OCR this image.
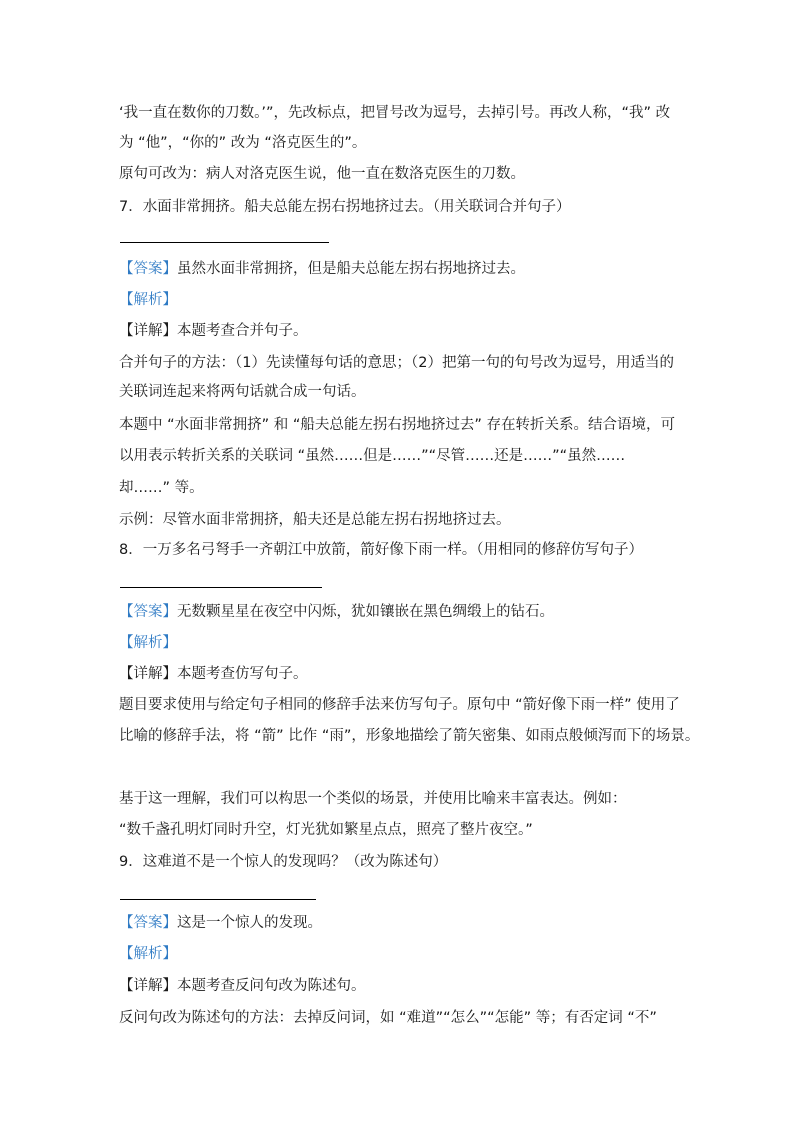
‘我一直在数你的刀数。’”，先改标点，把冒号改为逗号，去掉引号。再改人称，“我” 改
为 “他”，“你的” 改为 “洛克医生的”。
原句可改为：病人对洛克医生说，他一直在数洛克医生的刀数。
7．水面非常拥挤。船夫总能左拐右拐地挤过去。（用关联词合并句子）
【答案】虽然水面非常拥挤，但是船夫总能左拐右拐地挤过去。
【解析】
【详解】本题考查合并句子。
合并句子的方法：（1）先读懂每句话的意思；（2）把第一句的句号改为逗号，用适当的
关联词连起来将两句话就合成一句话。
本题中 “水面非常拥挤” 和 “船夫总能左拐右拐地挤过去” 存在转折关系。结合语境，可
以用表示转折关系的关联词 “虽然……但是……”“尽管……还是……”“虽然……
却……” 等。
示例：尽管水面非常拥挤，船夫还是总能左拐右拐地挤过去。
8．一万多名弓弩手一齐朝江中放箭，箭好像下雨一样。（用相同的修辞仿写句子）
【答案】无数颗星星在夜空中闪烁，犹如镶嵌在黑色绸缎上的钻石。
【解析】
【详解】本题考查仿写句子。
题目要求使用与给定句子相同的修辞手法来仿写句子。原句中 “箭好像下雨一样” 使用了
比喻的修辞手法，将 “箭” 比作 “雨”，形象地描绘了箭矢密集、如雨点般倾泻而下的场景。
基于这一理解，我们可以构思一个类似的场景，并使用比喻来丰富表达。例如：
“数千盏孔明灯同时升空，灯光犹如繁星点点，照亮了整片夜空。”
9．这难道不是一个惊人的发现吗？（改为陈述句）
【答案】这是一个惊人的发现。
【解析】
【详解】本题考查反问句改为陈述句。
反问句改为陈述句的方法：去掉反问词，如 “难道”“怎么”“怎能” 等；有否定词 “不”
